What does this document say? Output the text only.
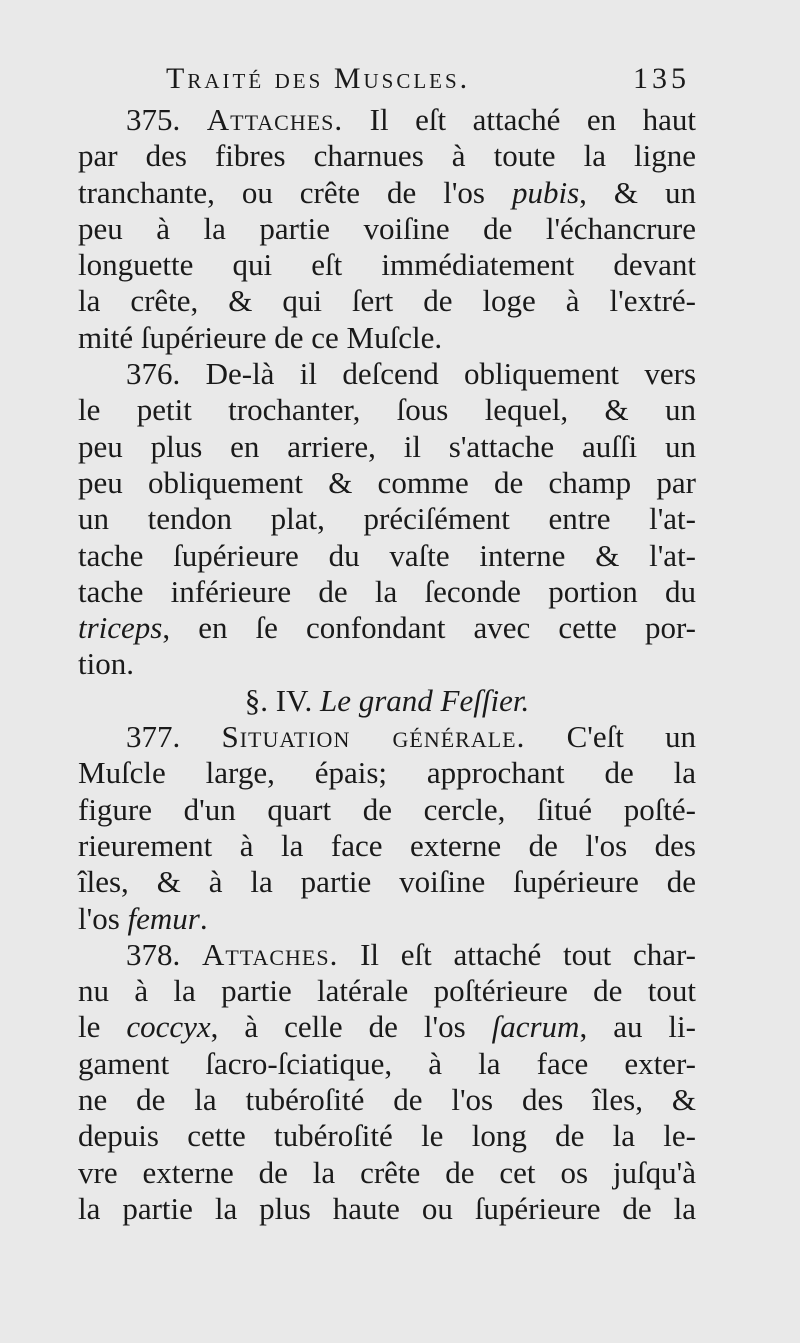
Traité des Muscles.	135
375. Attaches. Il eſt attaché en haut
par des fibres charnues à toute la ligne
tranchante, ou crête de l'os pubis, & un
peu à la partie voiſine de l'échancrure
longuette qui eſt immédiatement devant
la crête, & qui ſert de loge à l'extré-
mité ſupérieure de ce Muſcle.
376. De-là il deſcend obliquement vers
le petit trochanter, ſous lequel, & un
peu plus en arriere, il s'attache auſſi un
peu obliquement & comme de champ par
un tendon plat, préciſément entre l'at-
tache ſupérieure du vaſte interne & l'at-
tache inférieure de la ſeconde portion du
triceps, en ſe confondant avec cette por-
tion.
§. IV. Le grand Feſſier.
377. Situation générale. C'eſt un
Muſcle large, épais; approchant de la
figure d'un quart de cercle, ſitué poſté-
rieurement à la face externe de l'os des
îles, & à la partie voiſine ſupérieure de
l'os femur.
378. Attaches. Il eſt attaché tout char-
nu à la partie latérale poſtérieure de tout
le coccyx, à celle de l'os ſacrum, au li-
gament ſacro-ſciatique, à la face exter-
ne de la tubéroſité de l'os des îles, &
depuis cette tubéroſité le long de la le-
vre externe de la crête de cet os juſqu'à
la partie la plus haute ou ſupérieure de la
